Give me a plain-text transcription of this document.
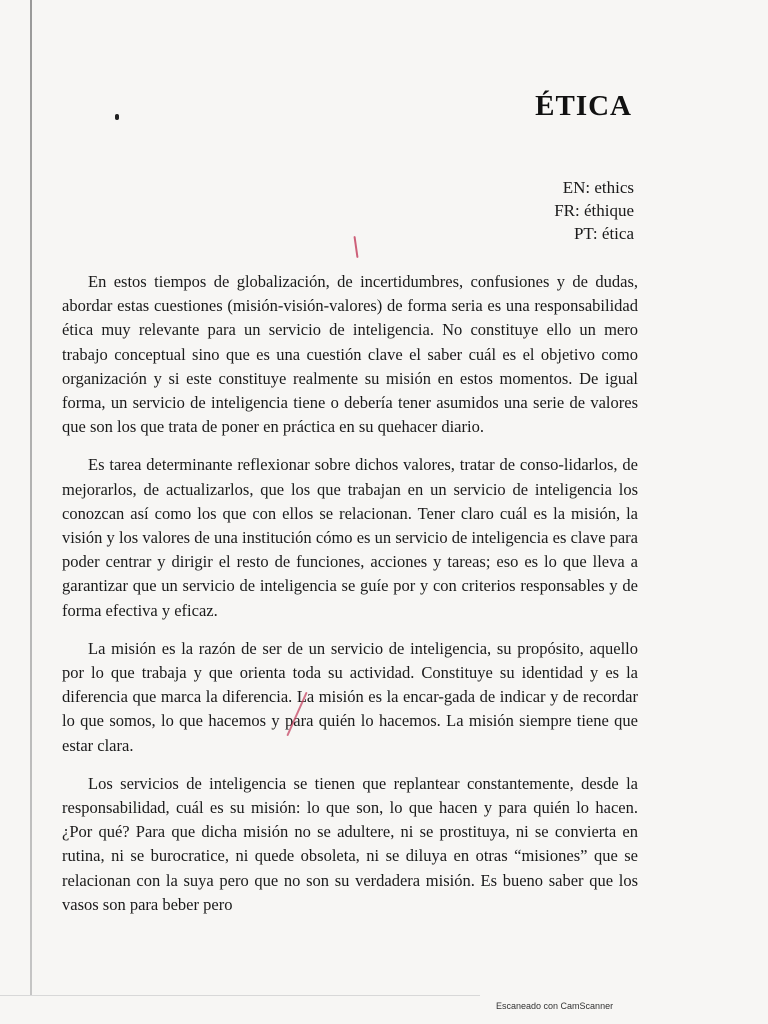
ÉTICA
EN: ethics
FR: éthique
PT: ética

En estos tiempos de globalización, de incertidumbres, confusiones y de dudas, abordar estas cuestiones (misión-visión-valores) de forma seria es una responsabilidad ética muy relevante para un servicio de inteligencia. No constituye ello un mero trabajo conceptual sino que es una cuestión clave el saber cuál es el objetivo como organización y si este constituye realmente su misión en estos momentos. De igual forma, un servicio de inteligencia tiene o debería tener asumidos una serie de valores que son los que trata de poner en práctica en su quehacer diario.

Es tarea determinante reflexionar sobre dichos valores, tratar de conso-lidarlos, de mejorarlos, de actualizarlos, que los que trabajan en un servicio de inteligencia los conozcan así como los que con ellos se relacionan. Tener claro cuál es la misión, la visión y los valores de una institución cómo es un servicio de inteligencia es clave para poder centrar y dirigir el resto de funciones, acciones y tareas; eso es lo que lleva a garantizar que un servicio de inteligencia se guíe por y con criterios responsables y de forma efectiva y eficaz.

La misión es la razón de ser de un servicio de inteligencia, su propósito, aquello por lo que trabaja y que orienta toda su actividad. Constituye su identidad y es la diferencia que marca la diferencia. La misión es la encar-gada de indicar y de recordar lo que somos, lo que hacemos y para quién lo hacemos. La misión siempre tiene que estar clara.

Los servicios de inteligencia se tienen que replantear constantemente, desde la responsabilidad, cuál es su misión: lo que son, lo que hacen y para quién lo hacen. ¿Por qué? Para que dicha misión no se adultere, ni se prostituya, ni se convierta en rutina, ni se burocratice, ni quede obsoleta, ni se diluya en otras “misiones” que se relacionan con la suya pero que no son su verdadera misión. Es bueno saber que los vasos son para beber pero

Escaneado con CamScanner
